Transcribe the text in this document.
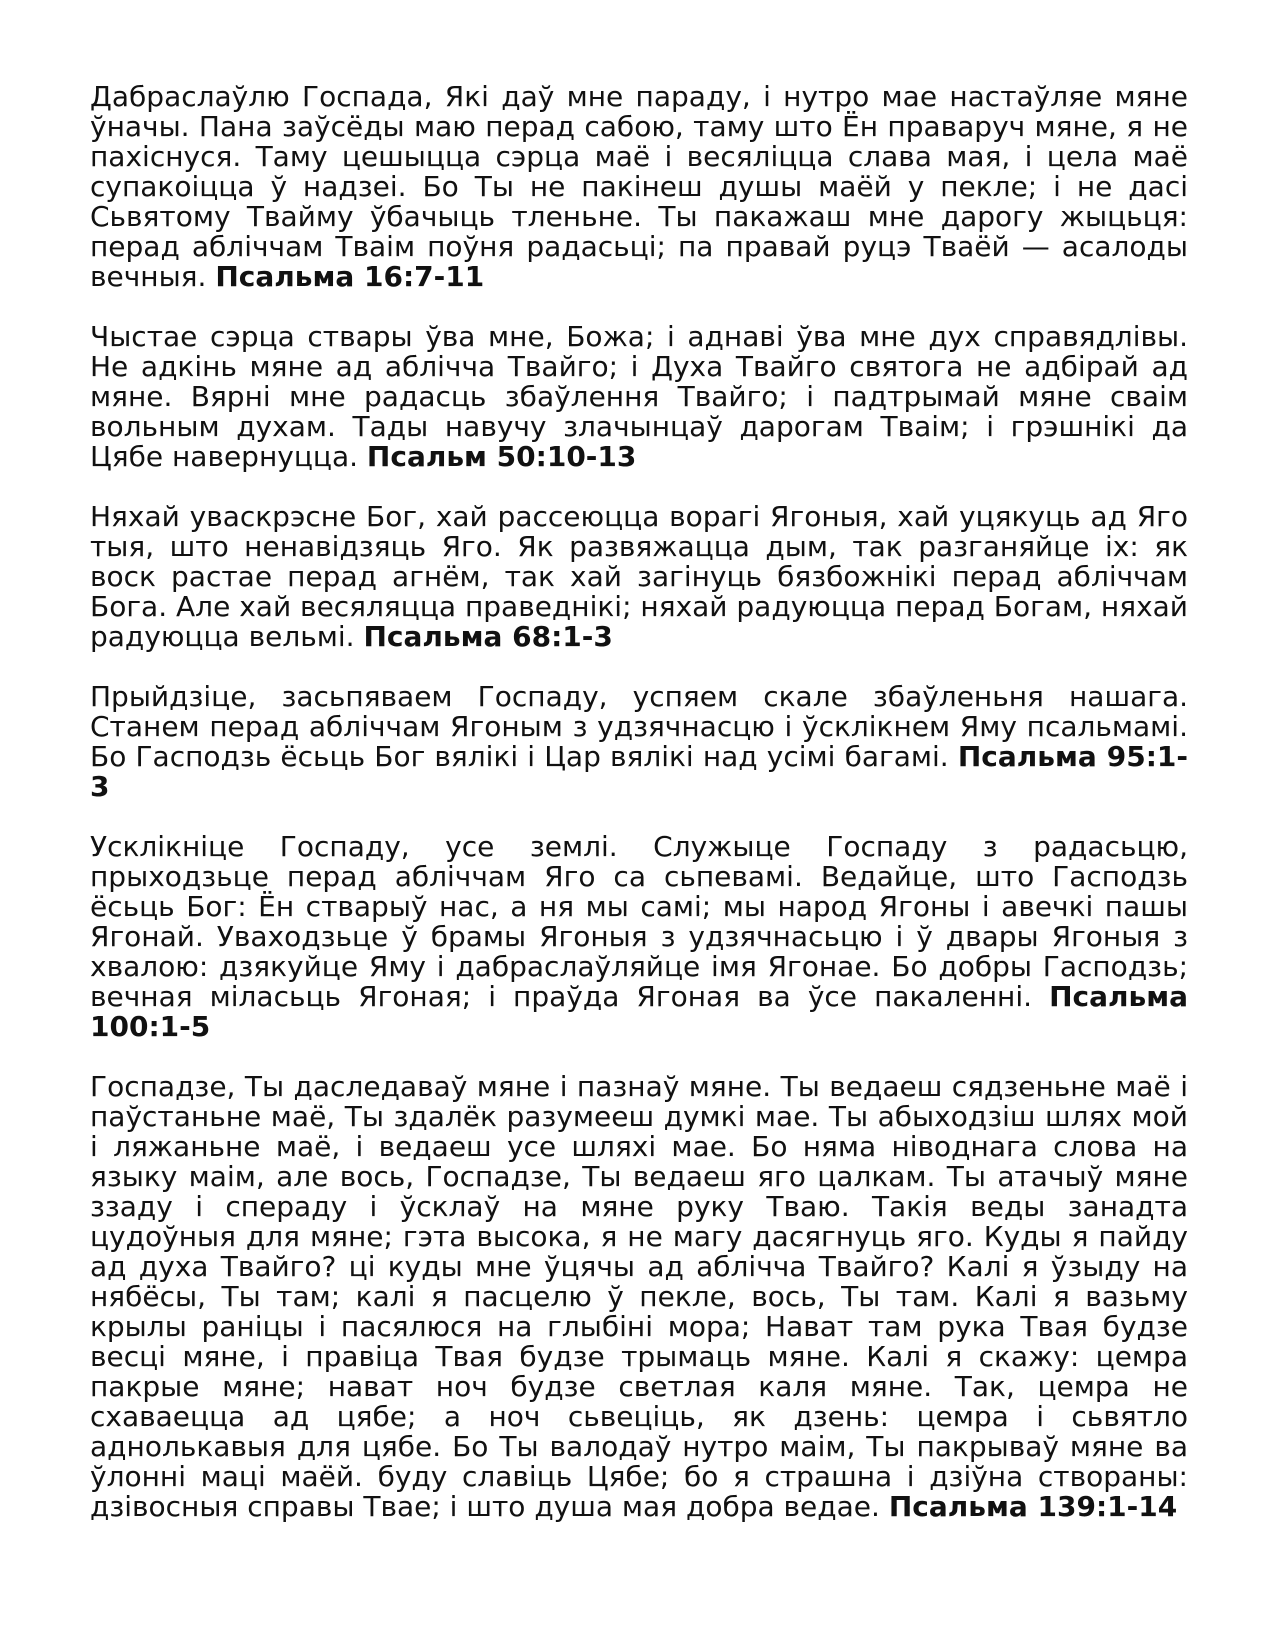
Дабраслаўлю Госпада, Які даў мне параду, і нутро мае настаўляе мяне ўначы. Пана заўсёды маю перад сабою, таму што Ён праваруч мяне, я не пахіснуся. Таму цешыцца сэрца маё і весяліцца слава мая, і цела маё супакоіцца ў надзеі. Бо Ты не пакінеш душы маёй у пекле; і не дасі Сьвятому Твайму ўбачыць тленьне. Ты пакажаш мне дарогу жыцьця: перад абліччам Тваім поўня радасьці; па правай руцэ Тваёй — асалоды вечныя. Псальма 16:7-11

Чыстае сэрца ствары ўва мне, Божа; і аднаві ўва мне дух справядлівы. Не адкінь мяне ад аблічча Твайго; і Духа Твайго святога не адбірай ад мяне. Вярні мне радасць збаўлення Твайго; і падтрымай мяне сваім вольным духам. Тады навучу злачынцаў дарогам Тваім; і грэшнікі да Цябе навернуцца. Псальм 50:10-13

Няхай уваскрэсне Бог, хай рассеюцца ворагі Ягоныя, хай уцякуць ад Яго тыя, што ненавідзяць Яго. Як развяжацца дым, так разганяйце іх: як воск растае перад агнём, так хай загінуць бязбожнікі перад абліччам Бога. Але хай весяляцца праведнікі; няхай радуюцца перад Богам, няхай радуюцца вельмі. Псальма 68:1-3

Прыйдзіце, засьпяваем Госпаду, успяем скале збаўленьня нашага. Станем перад абліччам Ягоным з удзячнасцю і ўсклікнем Яму псальмамі. Бо Гасподзь ёсьць Бог вялікі і Цар вялікі над усімі багамі. Псальма 95:1-3

Усклікніце Госпаду, усе землі. Служыце Госпаду з радасьцю, прыходзьце перад абліччам Яго са сьпевамі. Ведайце, што Гасподзь ёсьць Бог: Ён стварыў нас, а ня мы самі; мы народ Ягоны і авечкі пашы Ягонай. Уваходзьце ў брамы Ягоныя з удзячнасьцю і ў двары Ягоныя з хвалою: дзякуйце Яму і дабраслаўляйце імя Ягонае. Бо добры Гасподзь; вечная міласьць Ягоная; і праўда Ягоная ва ўсе пакаленні. Псальма 100:1-5

Госпадзе, Ты даследаваў мяне і пазнаў мяне. Ты ведаеш сядзеньне маё і паўстаньне маё, Ты здалёк разумееш думкі мае. Ты абыходзіш шлях мой і ляжаньне маё, і ведаеш усе шляхі мае. Бо няма ніводнага слова на языку маім, але вось, Госпадзе, Ты ведаеш яго цалкам. Ты атачыў мяне ззаду і спераду і ўсклаў на мяне руку Тваю. Такія веды занадта цудоўныя для мяне; гэта высока, я не магу дасягнуць яго. Куды я пайду ад духа Твайго? ці куды мне ўцячы ад аблічча Твайго? Калі я ўзыду на нябёсы, Ты там; калі я пасцелю ў пекле, вось, Ты там. Калі я вазьму крылы раніцы і пасялюся на глыбіні мора; Нават там рука Твая будзе весці мяне, і правіца Твая будзе трымаць мяне. Калі я скажу: цемра пакрые мяне; нават ноч будзе светлая каля мяне. Так, цемра не схаваецца ад цябе; а ноч сьвеціць, як дзень: цемра і сьвятло аднолькавыя для цябе. Бо Ты валодаў нутро маім, Ты пакрываў мяне ва ўлонні маці маёй. буду славіць Цябе; бо я страшна і дзіўна створаны: дзівосныя справы Твае; і што душа мая добра ведае. Псальма 139:1-14
